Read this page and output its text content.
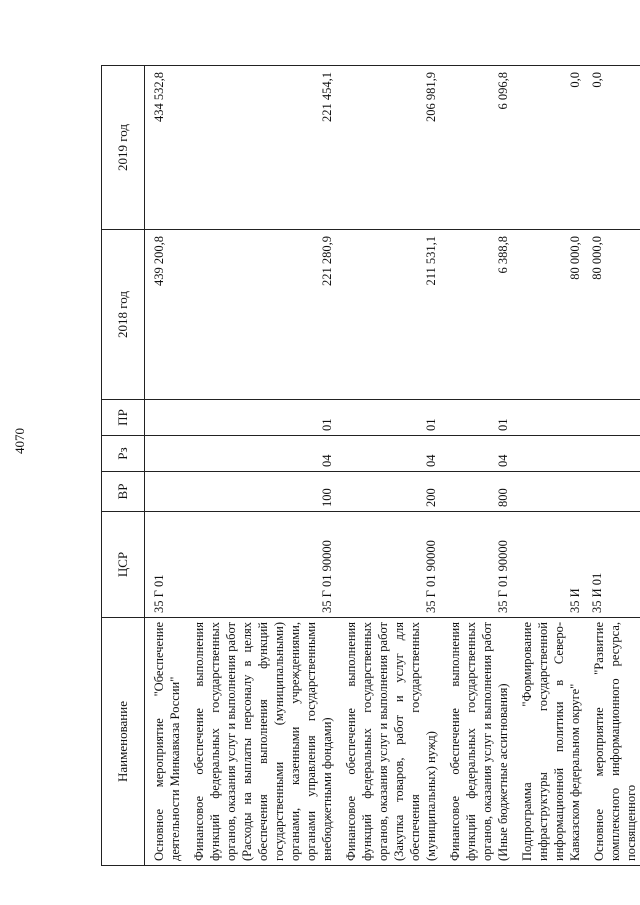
4070
Наименование	ЦСР	ВР	Рз	ПР	2018 год	2019 год
Основное мероприятие "Обеспечение деятельности Минкавказа России"	35 Г 01				439 200,8	434 532,8
Финансовое обеспечение выполнения функций федеральных государственных органов, оказания услуг и выполнения работ (Расходы на выплаты персоналу в целях обеспечения выполнения функций государственными (муниципальными) органами, казенными учреждениями, органами управления государственными внебюджетными фондами)	35 Г 01 90000	100	04	01	221 280,9	221 454,1
Финансовое обеспечение выполнения функций федеральных государственных органов, оказания услуг и выполнения работ (Закупка товаров, работ и услуг для обеспечения государственных (муниципальных) нужд)	35 Г 01 90000	200	04	01	211 531,1	206 981,9
Финансовое обеспечение выполнения функций федеральных государственных органов, оказания услуг и выполнения работ (Иные бюджетные ассигнования)	35 Г 01 90000	800	04	01	6 388,8	6 096,8
Подпрограмма "Формирование инфраструктуры государственной информационной политики в Северо-Кавказском федеральном округе"	35 И				80 000,0	0,0
Основное мероприятие "Развитие комплексного информационного ресурса, посвященного	35 И 01				80 000,0	0,0
